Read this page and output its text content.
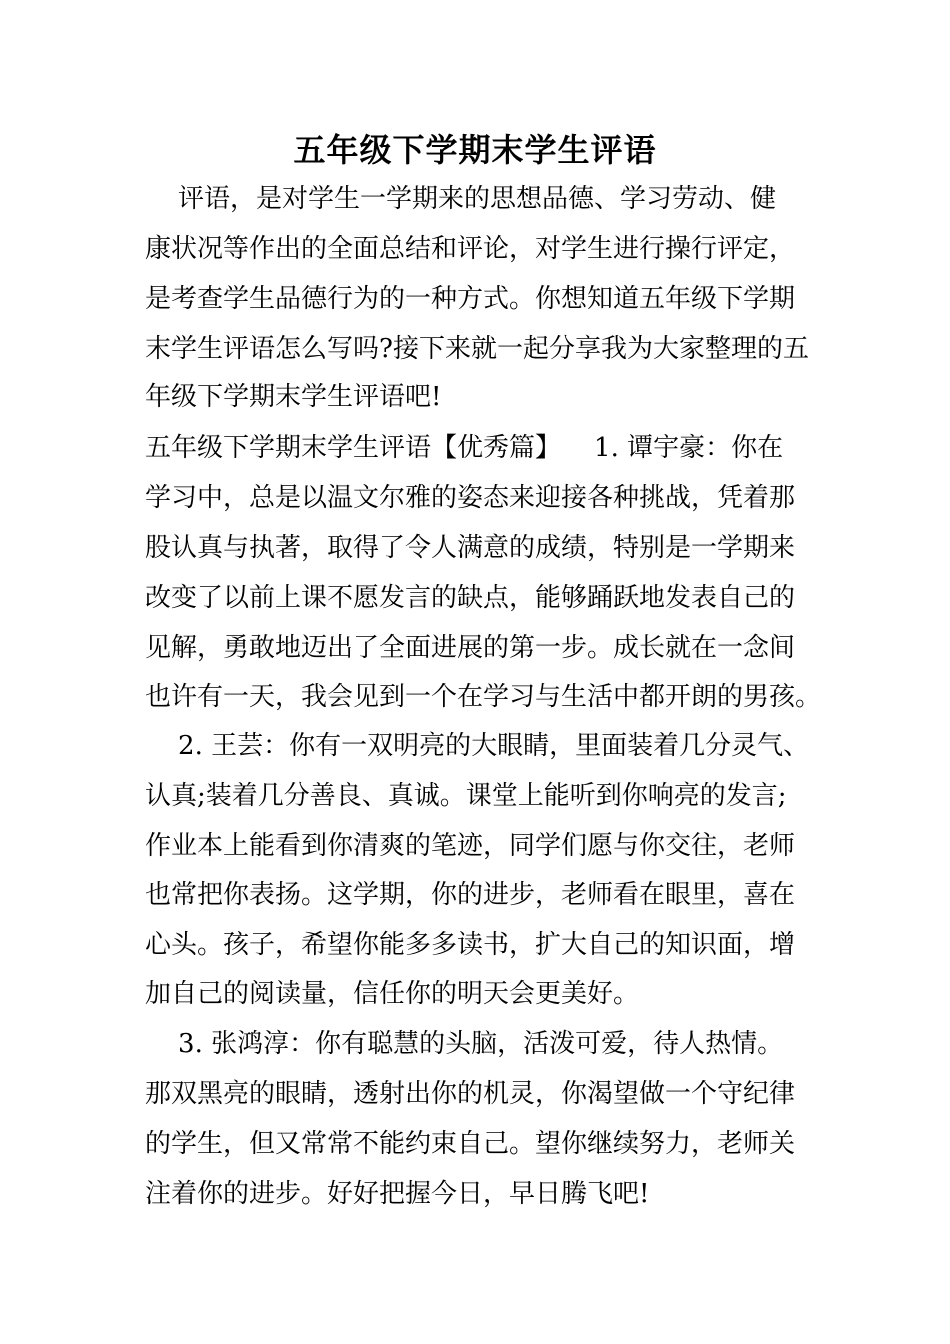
五年级下学期末学生评语

评语，是对学生一学期来的思想品德、学习劳动、健

康状况等作出的全面总结和评论，对学生进行操行评定，

是考查学生品德行为的一种方式。你想知道五年级下学期

末学生评语怎么写吗?接下来就一起分享我为大家整理的五

年级下学期末学生评语吧!

五年级下学期末学生评语【优秀篇】    1. 谭宇豪：你在

学习中，总是以温文尔雅的姿态来迎接各种挑战，凭着那

股认真与执著，取得了令人满意的成绩，特别是一学期来

改变了以前上课不愿发言的缺点，能够踊跃地发表自己的

见解，勇敢地迈出了全面进展的第一步。成长就在一念间

也许有一天，我会见到一个在学习与生活中都开朗的男孩。

2. 王芸：你有一双明亮的大眼睛，里面装着几分灵气、

认真;装着几分善良、真诚。课堂上能听到你响亮的发言;

作业本上能看到你清爽的笔迹，同学们愿与你交往，老师

也常把你表扬。这学期，你的进步，老师看在眼里，喜在

心头。孩子，希望你能多多读书，扩大自己的知识面，增

加自己的阅读量，信任你的明天会更美好。

3. 张鸿淳：你有聪慧的头脑，活泼可爱，待人热情。

那双黑亮的眼睛，透射出你的机灵，你渴望做一个守纪律

的学生，但又常常不能约束自己。望你继续努力，老师关

注着你的进步。好好把握今日，早日腾飞吧!
